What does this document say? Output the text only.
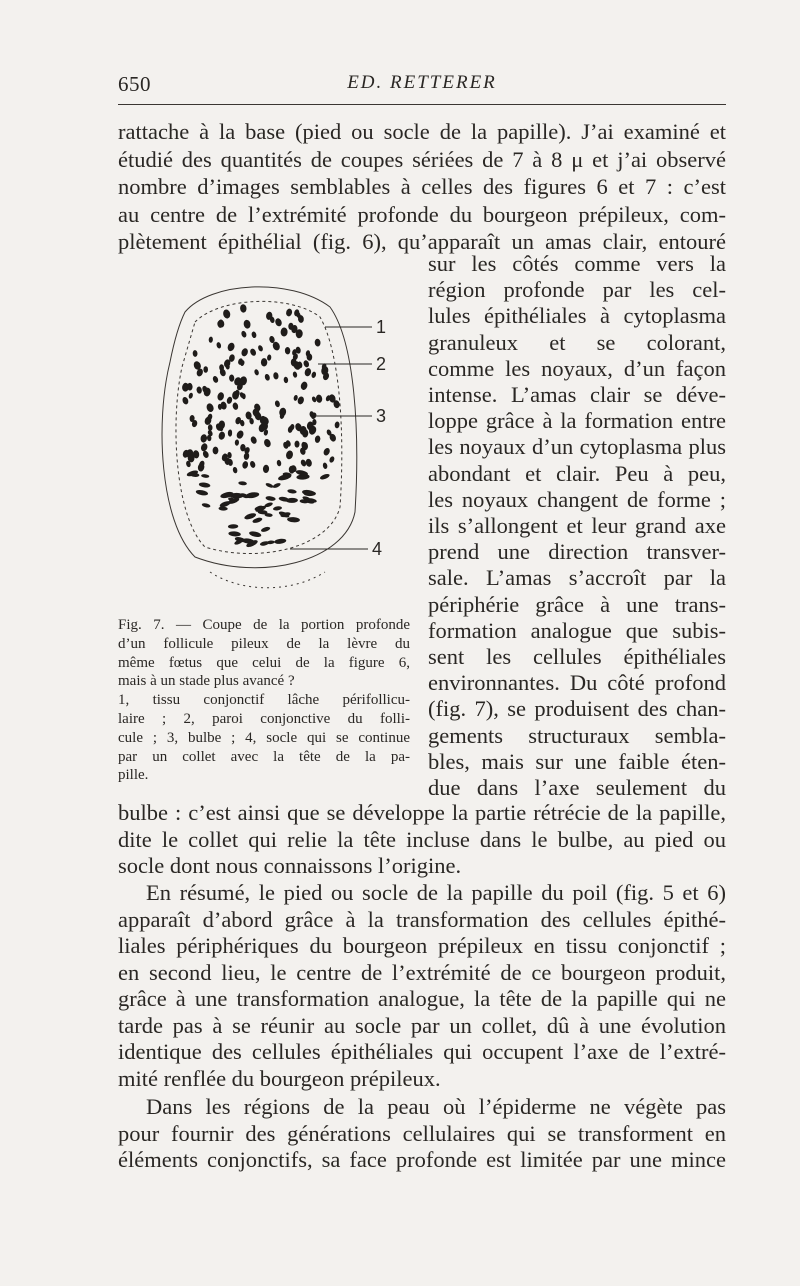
650	ED. RETTERER

rattache à la base (pied ou socle de la papille). J’ai examiné et
étudié des quantités de coupes sériées de 7 à 8 μ et j’ai observé
nombre d’images semblables à celles des figures 6 et 7 : c’est
au centre de l’extrémité profonde du bourgeon prépileux, com-
plètement épithélial (fig. 6), qu’apparaît un amas clair, entouré

sur les côtés comme vers la
région profonde par les cel-
lules épithéliales à cytoplasma
granuleux et se colorant,
comme les noyaux, d’un façon
intense. L’amas clair se déve-
loppe grâce à la formation entre
les noyaux d’un cytoplasma plus
abondant et clair. Peu à peu,
les noyaux changent de forme ;
ils s’allongent et leur grand axe
prend une direction transver-
sale. L’amas s’accroît par la
périphérie grâce à une trans-
formation analogue que subis-
sent les cellules épithéliales
environnantes. Du côté profond
(fig. 7), se produisent des chan-
gements structuraux sembla-
bles, mais sur une faible éten-
due dans l’axe seulement du

bulbe : c’est ainsi que se développe la partie rétrécie de la papille,
dite le collet qui relie la tête incluse dans le bulbe, au pied ou
socle dont nous connaissons l’origine.

En résumé, le pied ou socle de la papille du poil (fig. 5 et 6)
apparaît d’abord grâce à la transformation des cellules épithé-
liales périphériques du bourgeon prépileux en tissu conjonctif ;
en second lieu, le centre de l’extrémité de ce bourgeon produit,
grâce à une transformation analogue, la tête de la papille qui ne
tarde pas à se réunir au socle par un collet, dû à une évolution
identique des cellules épithéliales qui occupent l’axe de l’extré-
mité renflée du bourgeon prépileux.

Dans les régions de la peau où l’épiderme ne végète pas
pour fournir des générations cellulaires qui se transforment en
éléments conjonctifs, sa face profonde est limitée par une mince

1
2
3
4

Fig. 7. — Coupe de la portion profonde
d’un follicule pileux de la lèvre du
même fœtus que celui de la figure 6,
mais à un stade plus avancé ?
1, tissu conjonctif lâche périfollicu-
laire ; 2, paroi conjonctive du folli-
cule ; 3, bulbe ; 4, socle qui se continue
par un collet avec la tête de la pa-
pille.
